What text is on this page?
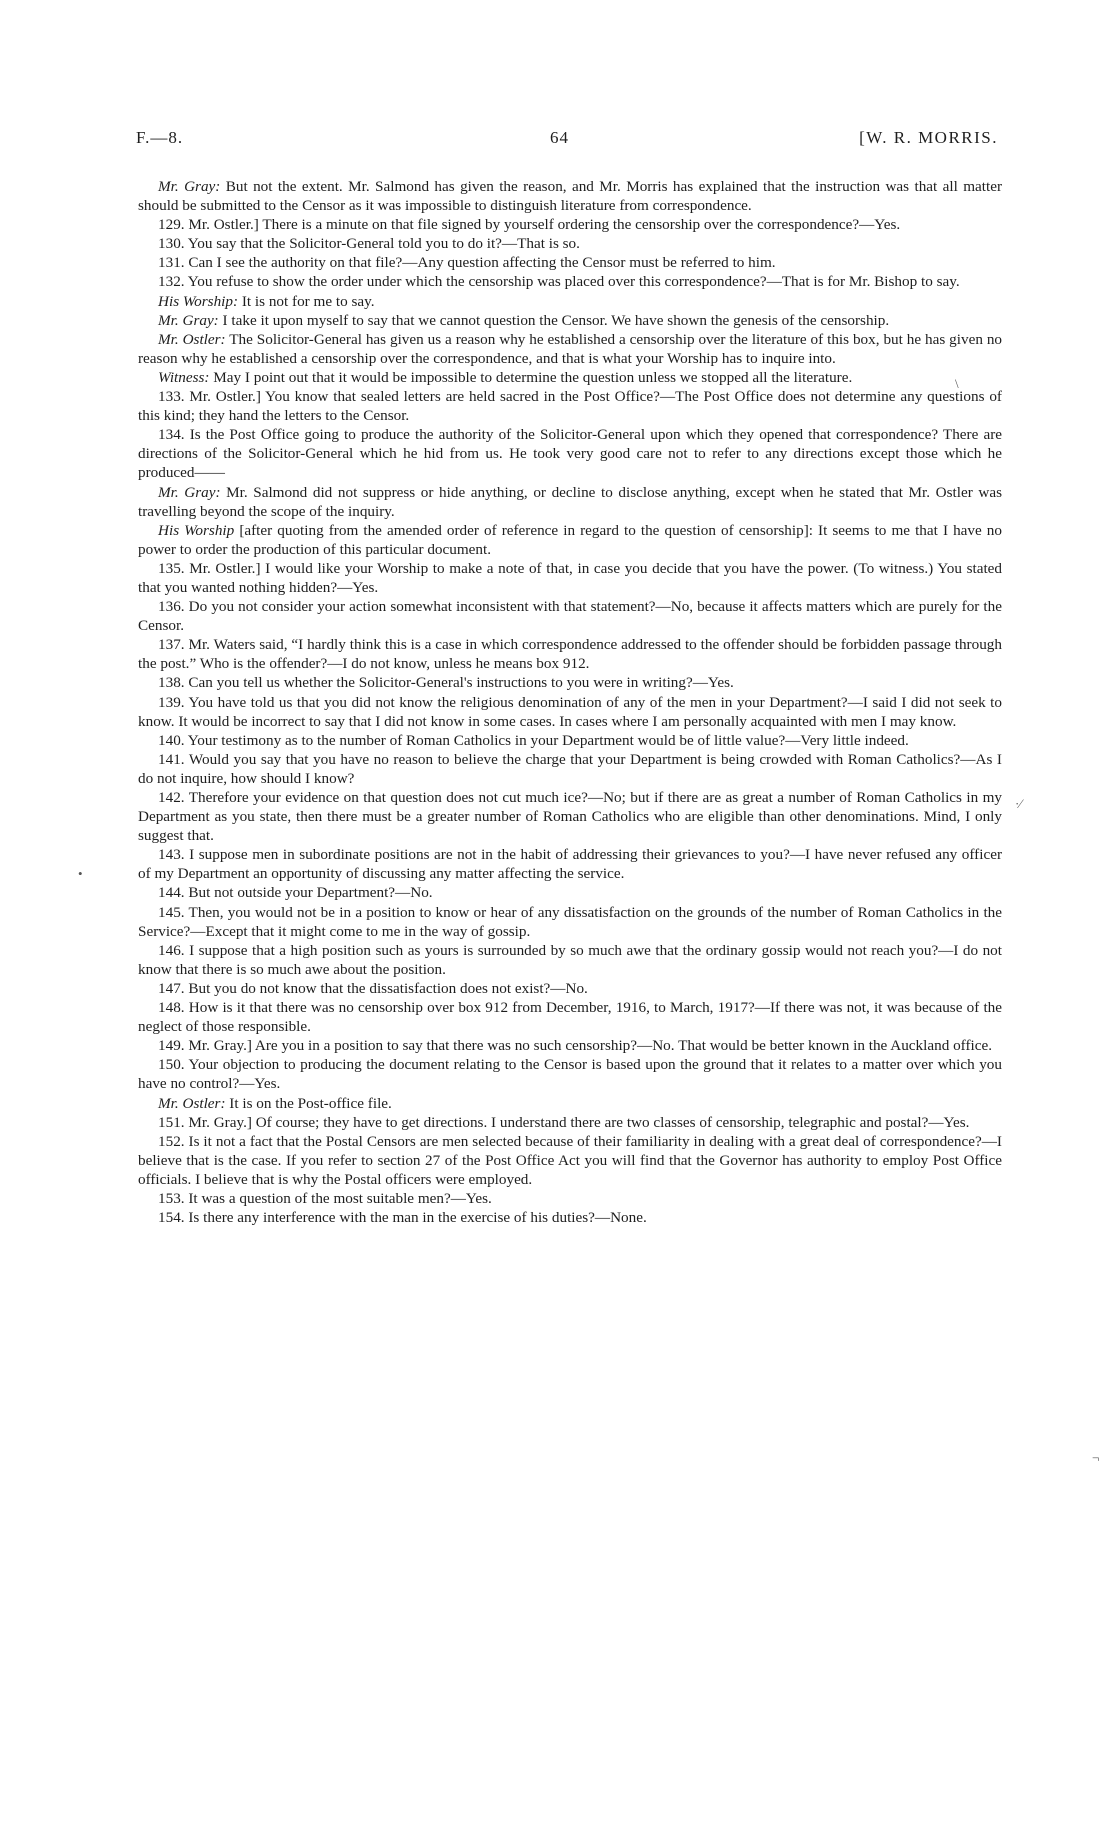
F.—8.	64	[W. R. MORRIS.

Mr. Gray: But not the extent. Mr. Salmond has given the reason, and Mr. Morris has explained that the instruction was that all matter should be submitted to the Censor as it was impossible to distinguish literature from correspondence.

129. Mr. Ostler.] There is a minute on that file signed by yourself ordering the censorship over the correspondence?—Yes.

130. You say that the Solicitor-General told you to do it?—That is so.

131. Can I see the authority on that file?—Any question affecting the Censor must be referred to him.

132. You refuse to show the order under which the censorship was placed over this correspondence?—That is for Mr. Bishop to say.

His Worship: It is not for me to say.

Mr. Gray: I take it upon myself to say that we cannot question the Censor. We have shown the genesis of the censorship.

Mr. Ostler: The Solicitor-General has given us a reason why he established a censorship over the literature of this box, but he has given no reason why he established a censorship over the correspondence, and that is what your Worship has to inquire into.

Witness: May I point out that it would be impossible to determine the question unless we stopped all the literature.

133. Mr. Ostler.] You know that sealed letters are held sacred in the Post Office?—The Post Office does not determine any questions of this kind; they hand the letters to the Censor.

134. Is the Post Office going to produce the authority of the Solicitor-General upon which they opened that correspondence? There are directions of the Solicitor-General which he hid from us. He took very good care not to refer to any directions except those which he produced——

Mr. Gray: Mr. Salmond did not suppress or hide anything, or decline to disclose anything, except when he stated that Mr. Ostler was travelling beyond the scope of the inquiry.

His Worship [after quoting from the amended order of reference in regard to the question of censorship]: It seems to me that I have no power to order the production of this particular document.

135. Mr. Ostler.] I would like your Worship to make a note of that, in case you decide that you have the power. (To witness.) You stated that you wanted nothing hidden?—Yes.

136. Do you not consider your action somewhat inconsistent with that statement?—No, because it affects matters which are purely for the Censor.

137. Mr. Waters said, “I hardly think this is a case in which correspondence addressed to the offender should be forbidden passage through the post.” Who is the offender?—I do not know, unless he means box 912.

138. Can you tell us whether the Solicitor-General's instructions to you were in writing?—Yes.

139. You have told us that you did not know the religious denomination of any of the men in your Department?—I said I did not seek to know. It would be incorrect to say that I did not know in some cases. In cases where I am personally acquainted with men I may know.

140. Your testimony as to the number of Roman Catholics in your Department would be of little value?—Very little indeed.

141. Would you say that you have no reason to believe the charge that your Department is being crowded with Roman Catholics?—As I do not inquire, how should I know?

142. Therefore your evidence on that question does not cut much ice?—No; but if there are as great a number of Roman Catholics in my Department as you state, then there must be a greater number of Roman Catholics who are eligible than other denominations. Mind, I only suggest that.

143. I suppose men in subordinate positions are not in the habit of addressing their grievances to you?—I have never refused any officer of my Department an opportunity of discussing any matter affecting the service.

144. But not outside your Department?—No.

145. Then, you would not be in a position to know or hear of any dissatisfaction on the grounds of the number of Roman Catholics in the Service?—Except that it might come to me in the way of gossip.

146. I suppose that a high position such as yours is surrounded by so much awe that the ordinary gossip would not reach you?—I do not know that there is so much awe about the position.

147. But you do not know that the dissatisfaction does not exist?—No.

148. How is it that there was no censorship over box 912 from December, 1916, to March, 1917?—If there was not, it was because of the neglect of those responsible.

149. Mr. Gray.] Are you in a position to say that there was no such censorship?—No. That would be better known in the Auckland office.

150. Your objection to producing the document relating to the Censor is based upon the ground that it relates to a matter over which you have no control?—Yes.

Mr. Ostler: It is on the Post-office file.

151. Mr. Gray.] Of course; they have to get directions. I understand there are two classes of censorship, telegraphic and postal?—Yes.

152. Is it not a fact that the Postal Censors are men selected because of their familiarity in dealing with a great deal of correspondence?—I believe that is the case. If you refer to section 27 of the Post Office Act you will find that the Governor has authority to employ Post Office officials. I believe that is why the Postal officers were employed.

153. It was a question of the most suitable men?—Yes.

154. Is there any interference with the man in the exercise of his duties?—None.

\
·⁄
•
¬
